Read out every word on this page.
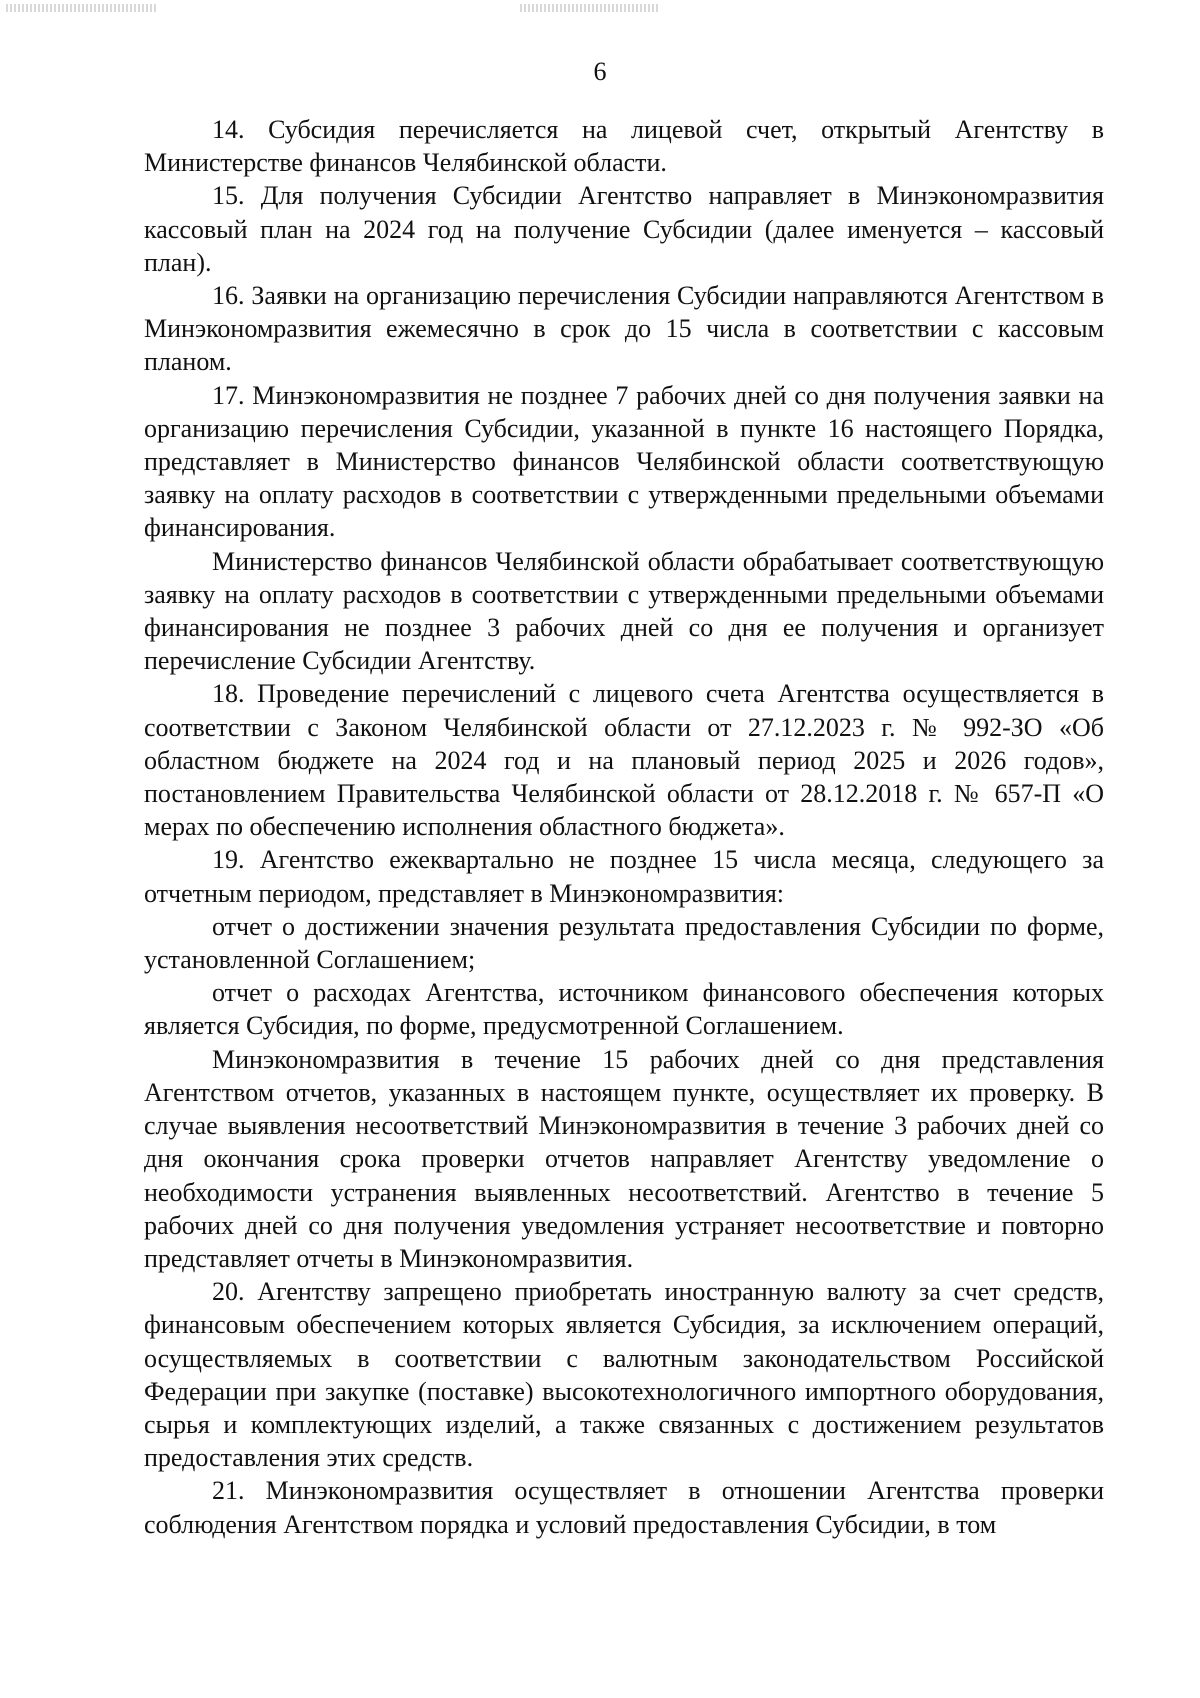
6

14. Субсидия перечисляется на лицевой счет, открытый Агентству в Министерстве финансов Челябинской области.

15. Для получения Субсидии Агентство направляет в Минэкономразвития кассовый план на 2024 год на получение Субсидии (далее именуется – кассовый план).

16. Заявки на организацию перечисления Субсидии направляются Агентством в Минэкономразвития ежемесячно в срок до 15 числа в соответствии с кассовым планом.

17. Минэкономразвития не позднее 7 рабочих дней со дня получения заявки на организацию перечисления Субсидии, указанной в пункте 16 настоящего Порядка, представляет в Министерство финансов Челябинской области соответствующую заявку на оплату расходов в соответствии с утвержденными предельными объемами финансирования.

Министерство финансов Челябинской области обрабатывает соответствующую заявку на оплату расходов в соответствии с утвержденными предельными объемами финансирования не позднее 3 рабочих дней со дня ее получения и организует перечисление Субсидии Агентству.

18. Проведение перечислений с лицевого счета Агентства осуществляется в соответствии с Законом Челябинской области от 27.12.2023 г. № 992-ЗО «Об областном бюджете на 2024 год и на плановый период 2025 и 2026 годов», постановлением Правительства Челябинской области от 28.12.2018 г. № 657-П «О мерах по обеспечению исполнения областного бюджета».

19. Агентство ежеквартально не позднее 15 числа месяца, следующего за отчетным периодом, представляет в Минэкономразвития:

отчет о достижении значения результата предоставления Субсидии по форме, установленной Соглашением;

отчет о расходах Агентства, источником финансового обеспечения которых является Субсидия, по форме, предусмотренной Соглашением.

Минэкономразвития в течение 15 рабочих дней со дня представления Агентством отчетов, указанных в настоящем пункте, осуществляет их проверку. В случае выявления несоответствий Минэкономразвития в течение 3 рабочих дней со дня окончания срока проверки отчетов направляет Агентству уведомление о необходимости устранения выявленных несоответствий. Агентство в течение 5 рабочих дней со дня получения уведомления устраняет несоответствие и повторно представляет отчеты в Минэкономразвития.

20. Агентству запрещено приобретать иностранную валюту за счет средств, финансовым обеспечением которых является Субсидия, за исключением операций, осуществляемых в соответствии с валютным законодательством Российской Федерации при закупке (поставке) высокотехнологичного импортного оборудования, сырья и комплектующих изделий, а также связанных с достижением результатов предоставления этих средств.

21. Минэкономразвития осуществляет в отношении Агентства проверки соблюдения Агентством порядка и условий предоставления Субсидии, в том
